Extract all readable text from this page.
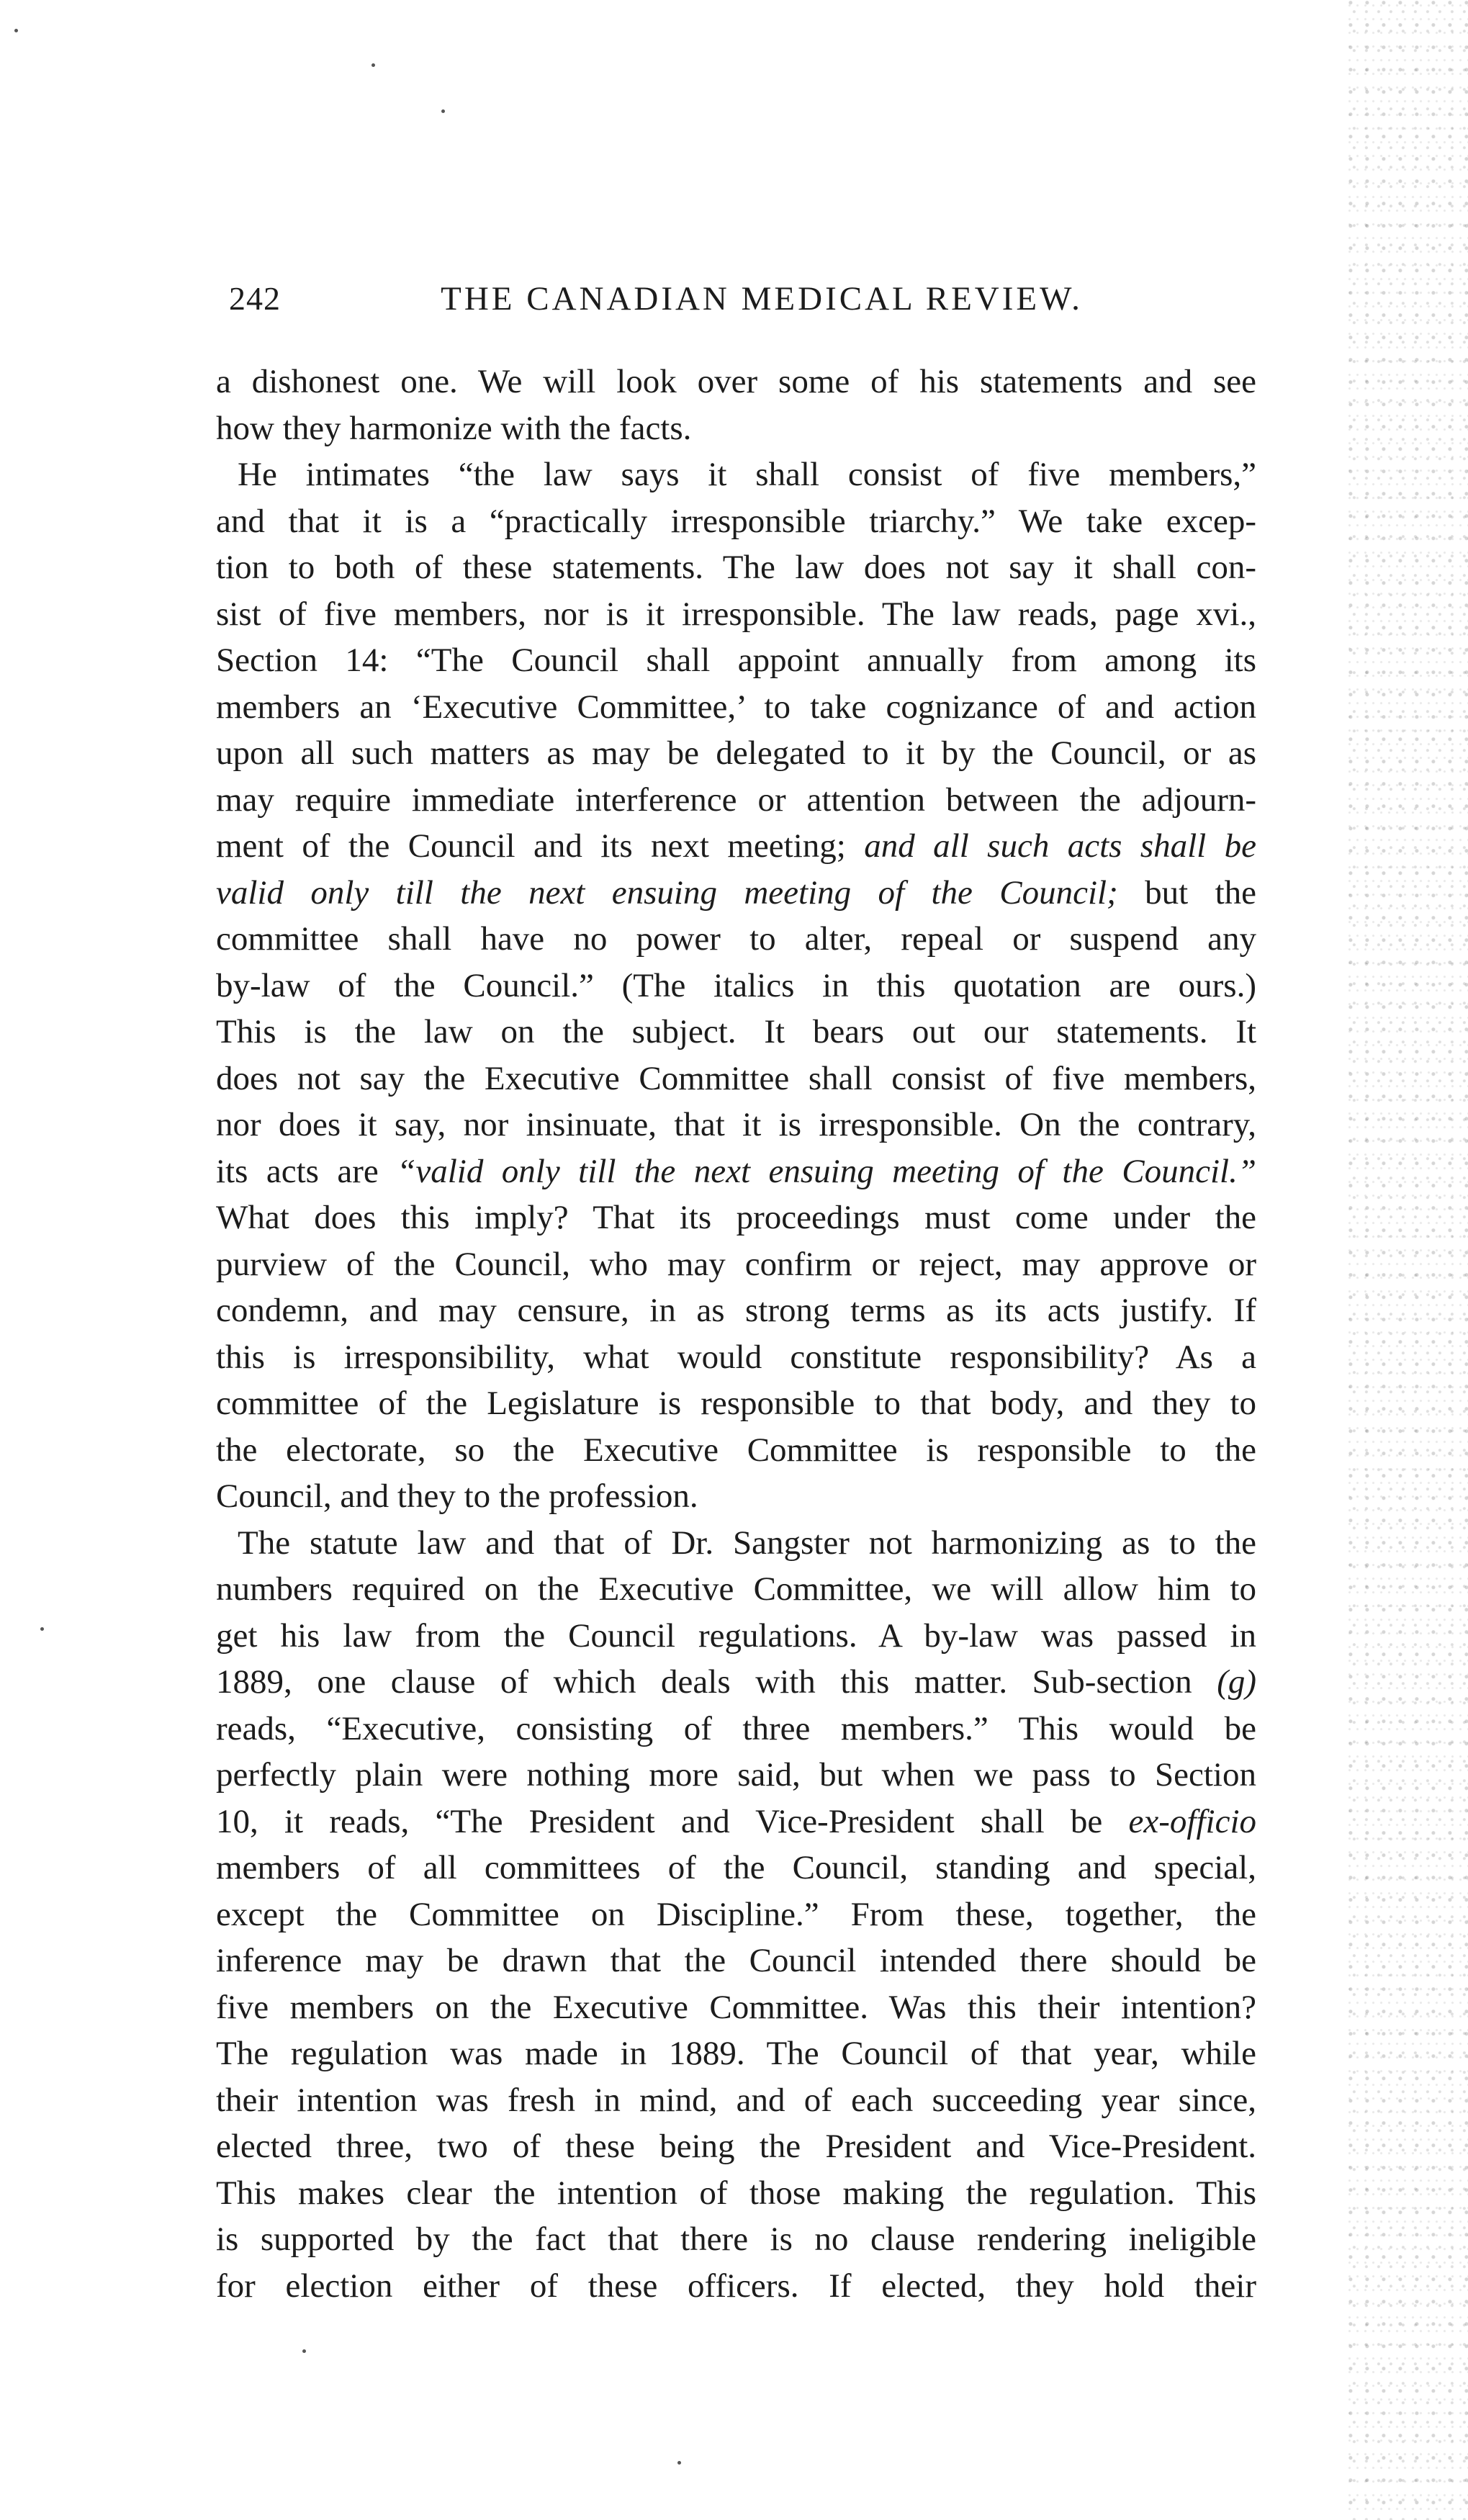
242	THE CANADIAN MEDICAL REVIEW.
a dishonest one. We will look over some of his statements and see
how they harmonize with the facts.
He intimates “the law says it shall consist of five members,”
and that it is a “practically irresponsible triarchy.” We take excep-
tion to both of these statements. The law does not say it shall con-
sist of five members, nor is it irresponsible. The law reads, page xvi.,
Section 14: “The Council shall appoint annually from among its
members an ‘Executive Committee,’ to take cognizance of and action
upon all such matters as may be delegated to it by the Council, or as
may require immediate interference or attention between the adjourn-
ment of the Council and its next meeting; and all such acts shall be
valid only till the next ensuing meeting of the Council; but the
committee shall have no power to alter, repeal or suspend any
by-law of the Council.” (The italics in this quotation are ours.)
This is the law on the subject. It bears out our statements. It
does not say the Executive Committee shall consist of five members,
nor does it say, nor insinuate, that it is irresponsible. On the contrary,
its acts are “valid only till the next ensuing meeting of the Council.”
What does this imply? That its proceedings must come under the
purview of the Council, who may confirm or reject, may approve or
condemn, and may censure, in as strong terms as its acts justify. If
this is irresponsibility, what would constitute responsibility? As a
committee of the Legislature is responsible to that body, and they to
the electorate, so the Executive Committee is responsible to the
Council, and they to the profession.
The statute law and that of Dr. Sangster not harmonizing as to the
numbers required on the Executive Committee, we will allow him to
get his law from the Council regulations. A by-law was passed in
1889, one clause of which deals with this matter. Sub-section (g)
reads, “Executive, consisting of three members.” This would be
perfectly plain were nothing more said, but when we pass to Section
10, it reads, “The President and Vice-President shall be ex-officio
members of all committees of the Council, standing and special,
except the Committee on Discipline.” From these, together, the
inference may be drawn that the Council intended there should be
five members on the Executive Committee. Was this their intention?
The regulation was made in 1889. The Council of that year, while
their intention was fresh in mind, and of each succeeding year since,
elected three, two of these being the President and Vice-President.
This makes clear the intention of those making the regulation. This
is supported by the fact that there is no clause rendering ineligible
for election either of these officers. If elected, they hold their
